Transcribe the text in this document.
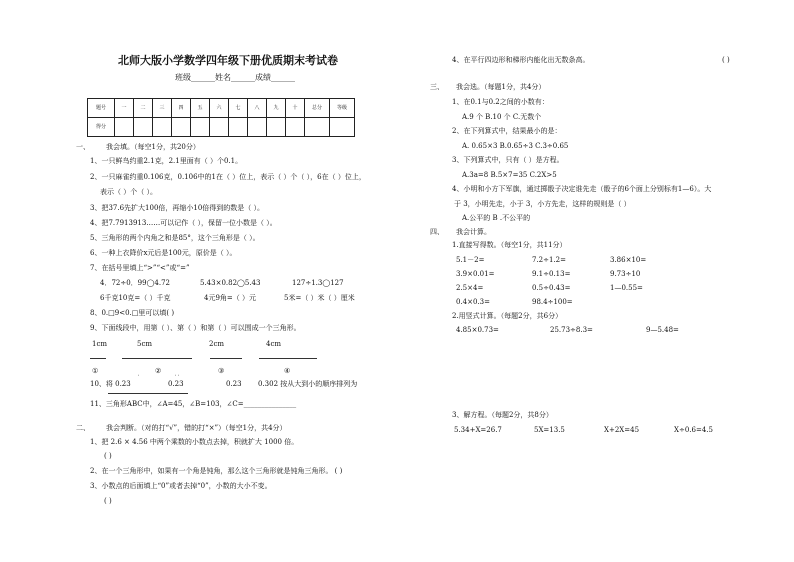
北师大版小学数学四年级下册优质期末考试卷
班级______姓名______成绩______
题号	一	二	三	四	五	六	七	八	九	十	总分	等级
得分												
一、 我会填。（每空1分，共20分）
1、一只鲜鸟约重2.1克，2.1里面有（ ）个0.1。
2、一只麻雀约重0.106克，0.106中的1在（ ）位上，表示（ ）个（ ），6在（ ）位上，
表示（ ）个（ ）。
3、把37.6先扩大100倍，再缩小10倍得到的数是（ ）。
4、把7.7913913……可以记作（ ），保留一位小数是（ ）。
5、三角形的两个内角之和是85°，这个三角形是（ ）。
6、一种上衣降价x元后是100元，原价是（ ）。
7、在括号里填上“>”“<”或“=”
4．72÷0．99◯4.72	5.43×0.82◯5.43	127÷1.3◯127
6千克10克=（ ）千克	4元9角=（ ）元	5米=（ ）米（ ）厘米
8、0.□9<0.□里可以填( )
9、下面线段中，用第（ ）、第（ ）和第（ ）可以围成一个三角形。
1cm	5cm	2cm	4cm
①	②	③	④
10、将 0.23
˙
0.23
˙˙
0.23 0.302 按从大到小的顺序排列为
11、三角形ABC中，∠A=45，∠B=103，∠C=_______________
二、 我会判断。（对的打“√”，错的打“×”）（每空1分，共4分）
1、把 2.6 × 4.56 中两个乘数的小数点去掉，积就扩大 1000 倍。
( )
2、在一个三角形中，如果有一个角是钝角，那么这个三角形就是钝角三角形。 ( )
3、小数点的后面填上“0”或者去掉“0”，小数的大小不变。
( )
4、在平行四边形和梯形内能化出无数条高。	( )
三、 我会选。（每题1分，共4分）
1、在0.1与0.2之间的小数有：
A.9 个 B.10 个 C.无数个
2、在下列算式中，结果最小的是：
A. 0.65×3 B.0.65÷3 C.3÷0.65
3、下列算式中，只有（ ）是方程。
A.3a=8 B.5×7=35 C.2X>5
4、小明和小方下军旗，通过掷骰子决定谁先走（骰子的6个面上分别标有1—6）。大
于 3，小明先走，小于 3，小方先走，这样的规则是（ ）
A.公平的 B .不公平的
四、 我会计算。
1.直接写得数。（每空1分，共11分）
5.1－2=	7.2÷1.2=	3.86×10=
3.9×0.01=	9.1÷0.13=	9.73÷10
2.5×4=	0.5÷0.43=	1—0.55=
0.4×0.3=	98.4÷100=
2.用竖式计算。（每题2分，共6分）
4.85×0.73=	25.73÷8.3=	9—5.48=
3、解方程。（每题2分，共8分）
5.34+X=26.7	5X=13.5	X+2X=45	X÷0.6=4.5
